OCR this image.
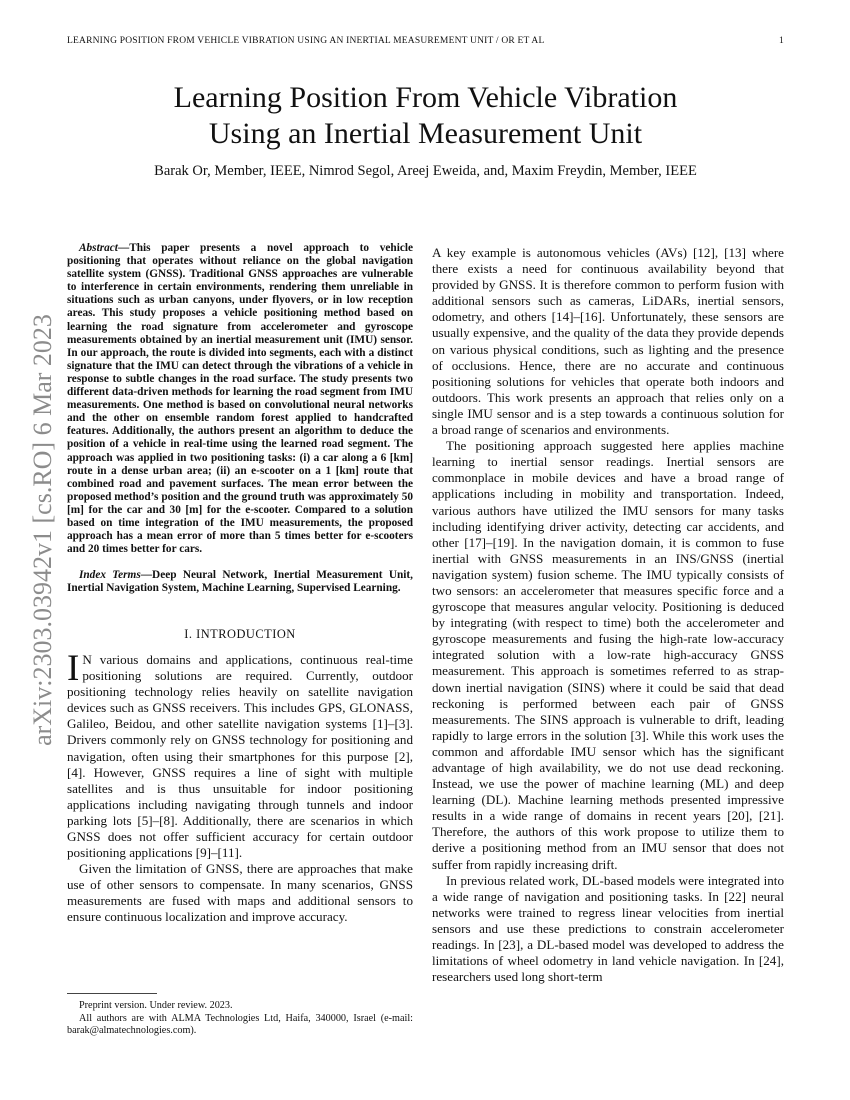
LEARNING POSITION FROM VEHICLE VIBRATION USING AN INERTIAL MEASUREMENT UNIT / OR ET AL	1
arXiv:2303.03942v1 [cs.RO] 6 Mar 2023
Learning Position From Vehicle Vibration
Using an Inertial Measurement Unit
Barak Or, Member, IEEE, Nimrod Segol, Areej Eweida, and, Maxim Freydin, Member, IEEE

Abstract—This paper presents a novel approach to vehicle positioning that operates without reliance on the global navigation satellite system (GNSS). Traditional GNSS approaches are vulnerable to interference in certain environments, rendering them unreliable in situations such as urban canyons, under flyovers, or in low reception areas. This study proposes a vehicle positioning method based on learning the road signature from accelerometer and gyroscope measurements obtained by an inertial measurement unit (IMU) sensor. In our approach, the route is divided into segments, each with a distinct signature that the IMU can detect through the vibrations of a vehicle in response to subtle changes in the road surface. The study presents two different data-driven methods for learning the road segment from IMU measurements. One method is based on convolutional neural networks and the other on ensemble random forest applied to handcrafted features. Additionally, the authors present an algorithm to deduce the position of a vehicle in real-time using the learned road segment. The approach was applied in two positioning tasks: (i) a car along a 6 [km] route in a dense urban area; (ii) an e-scooter on a 1 [km] route that combined road and pavement surfaces. The mean error between the proposed method’s position and the ground truth was approximately 50 [m] for the car and 30 [m] for the e-scooter. Compared to a solution based on time integration of the IMU measurements, the proposed approach has a mean error of more than 5 times better for e-scooters and 20 times better for cars.

Index Terms—Deep Neural Network, Inertial Measurement Unit, Inertial Navigation System, Machine Learning, Supervised Learning.

I. INTRODUCTION

I N various domains and applications, continuous real-time positioning solutions are required. Currently, outdoor positioning technology relies heavily on satellite navigation devices such as GNSS receivers. This includes GPS, GLONASS, Galileo, Beidou, and other satellite navigation systems [1]–[3]. Drivers commonly rely on GNSS technology for positioning and navigation, often using their smartphones for this purpose [2], [4]. However, GNSS requires a line of sight with multiple satellites and is thus unsuitable for indoor positioning applications including navigating through tunnels and indoor parking lots [5]–[8]. Additionally, there are scenarios in which GNSS does not offer sufficient accuracy for certain outdoor positioning applications [9]–[11].

Given the limitation of GNSS, there are approaches that make use of other sensors to compensate. In many scenarios, GNSS measurements are fused with maps and additional sensors to ensure continuous localization and improve accuracy.

A key example is autonomous vehicles (AVs) [12], [13] where there exists a need for continuous availability beyond that provided by GNSS. It is therefore common to perform fusion with additional sensors such as cameras, LiDARs, inertial sensors, odometry, and others [14]–[16]. Unfortunately, these sensors are usually expensive, and the quality of the data they provide depends on various physical conditions, such as lighting and the presence of occlusions. Hence, there are no accurate and continuous positioning solutions for vehicles that operate both indoors and outdoors. This work presents an approach that relies only on a single IMU sensor and is a step towards a continuous solution for a broad range of scenarios and environments.

The positioning approach suggested here applies machine learning to inertial sensor readings. Inertial sensors are commonplace in mobile devices and have a broad range of applications including in mobility and transportation. Indeed, various authors have utilized the IMU sensors for many tasks including identifying driver activity, detecting car accidents, and other [17]–[19]. In the navigation domain, it is common to fuse inertial with GNSS measurements in an INS/GNSS (inertial navigation system) fusion scheme. The IMU typically consists of two sensors: an accelerometer that measures specific force and a gyroscope that measures angular velocity. Positioning is deduced by integrating (with respect to time) both the accelerometer and gyroscope measurements and fusing the high-rate low-accuracy integrated solution with a low-rate high-accuracy GNSS measurement. This approach is sometimes referred to as strap-down inertial navigation (SINS) where it could be said that dead reckoning is performed between each pair of GNSS measurements. The SINS approach is vulnerable to drift, leading rapidly to large errors in the solution [3]. While this work uses the common and affordable IMU sensor which has the significant advantage of high availability, we do not use dead reckoning. Instead, we use the power of machine learning (ML) and deep learning (DL). Machine learning methods presented impressive results in a wide range of domains in recent years [20], [21]. Therefore, the authors of this work propose to utilize them to derive a positioning method from an IMU sensor that does not suffer from rapidly increasing drift.

In previous related work, DL-based models were integrated into a wide range of navigation and positioning tasks. In [22] neural networks were trained to regress linear velocities from inertial sensors and use these predictions to constrain accelerometer readings. In [23], a DL-based model was developed to address the limitations of wheel odometry in land vehicle navigation. In [24], researchers used long short-term

Preprint version. Under review. 2023.

All authors are with ALMA Technologies Ltd, Haifa, 340000, Israel (e-mail: barak@almatechnologies.com).
